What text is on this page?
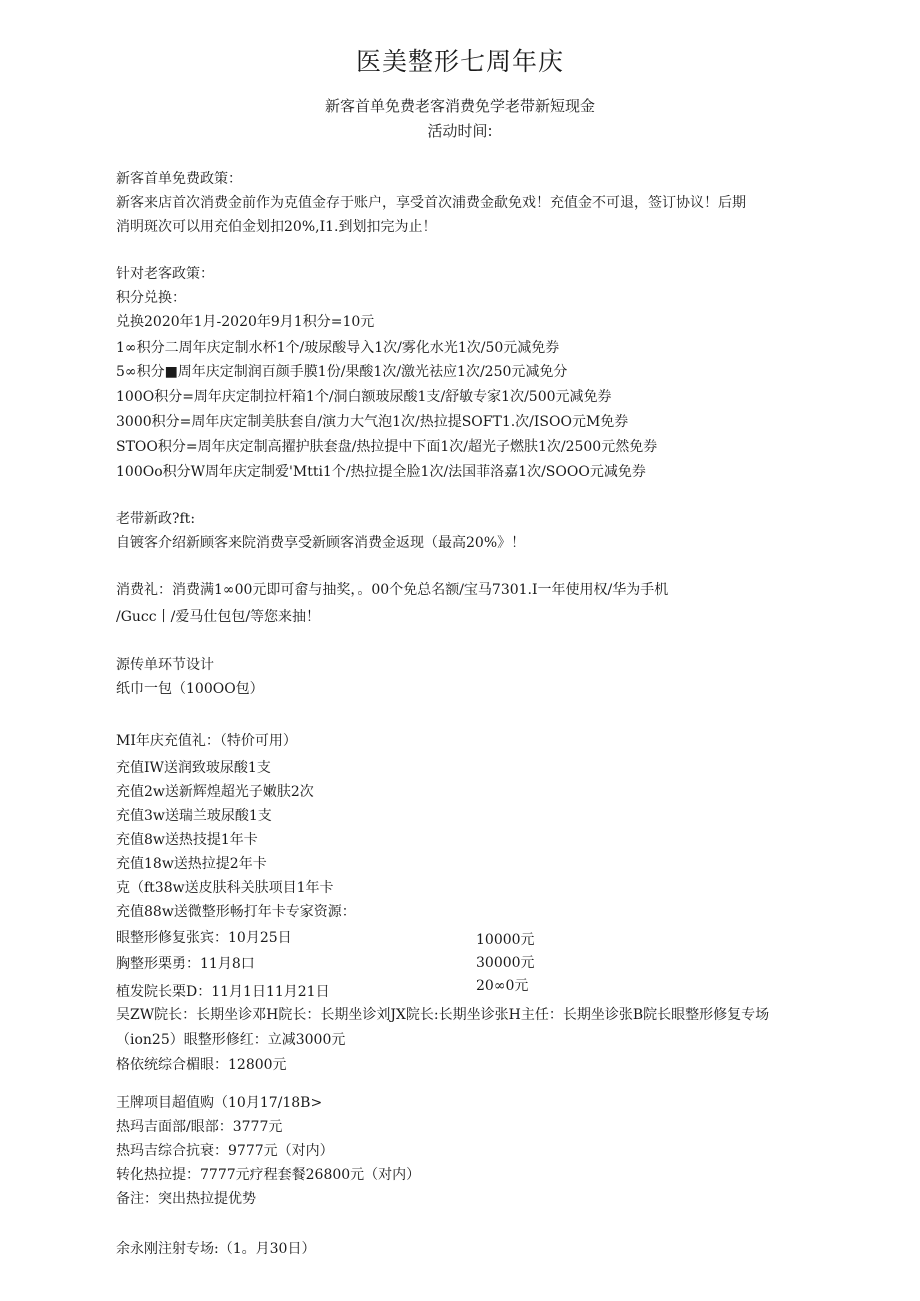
医美整形七周年庆
新客首单免费老客消费免学老带新短现金
活动时间:
新客首单免费政策：
新客来店首次消费金前作为克值金存于账户，享受首次浦费金歃免戏！充值金不可退，签订协议！后期
消明斑次可以用充伯金划扣20%,I1.到划扣完为止！
针对老客政策：
积分兑换：
兑换2020年1月-2020年9月1积分=10元
1∞积分二周年庆定制水杯1个/玻尿酸导入1次/雾化水光1次/50元减免券
5∞积分■周年庆定制润百颜手膜1份/果酸1次/激光祛应1次/250元减免分
100O积分=周年庆定制拉杆箱1个/洞白额玻尿酸1支/舒敏专家1次/500元减免券
3000积分=周年庆定制美肤套自/演力大气泡1次/热拉提SOFT1.次/ISOO元M免券
STOO积分=周年庆定制高擢护肤套盘/热拉提中下面1次/超光子燃肤1次/2500元然免券
100Oo积分W周年庆定制爱'Mtti1个/热拉提全脸1次/法国菲洛嘉1次/SOOO元减免券
老带新政?ft:
自镀客介绍新顾客来院消费享受新顾客消费金返现（最高20%》！
消费礼：消费满1∞00元即可畲与抽奖，。00个免总名额/宝马7301.I一年使用权/华为手机
/Gucc丨/爱马仕包包/等您来抽！
源传单环节设计
纸巾一包（100OO包）
MI年庆充值礼：（特价可用）
充值IW送润致玻尿酸1支
充值2w送新辉煌超光子嫩肤2次
充值3w送瑞兰玻尿酸1支
充值8w送热技提1年卡
充值18w送热拉提2年卡
克（ft38w送皮肤科关肤项目1年卡
充值88w送微整形畅打年卡专家资源：
眼整形修复张宾：10月25日	10000元
胸整形栗勇：11月8口	30000元
植发院长栗D：11月1日11月21日	20∞0元
吴ZW院长：长期坐诊邓H院长：长期坐诊刘JX院长:长期坐诊张H主任：长期坐诊张B院长眼整形修复专场
（ion25）眼整形修红：立减3000元
格依统综合楣眼：12800元
王牌项目超值购（10月17/18B>
热玛吉面部/眼部：3777元
热玛吉综合抗衰：9777元（对内）
转化热拉提：7777元疗程套餐26800元（对内）
备注：突出热拉提优势
余永刚注射专场:（1。月30日）
